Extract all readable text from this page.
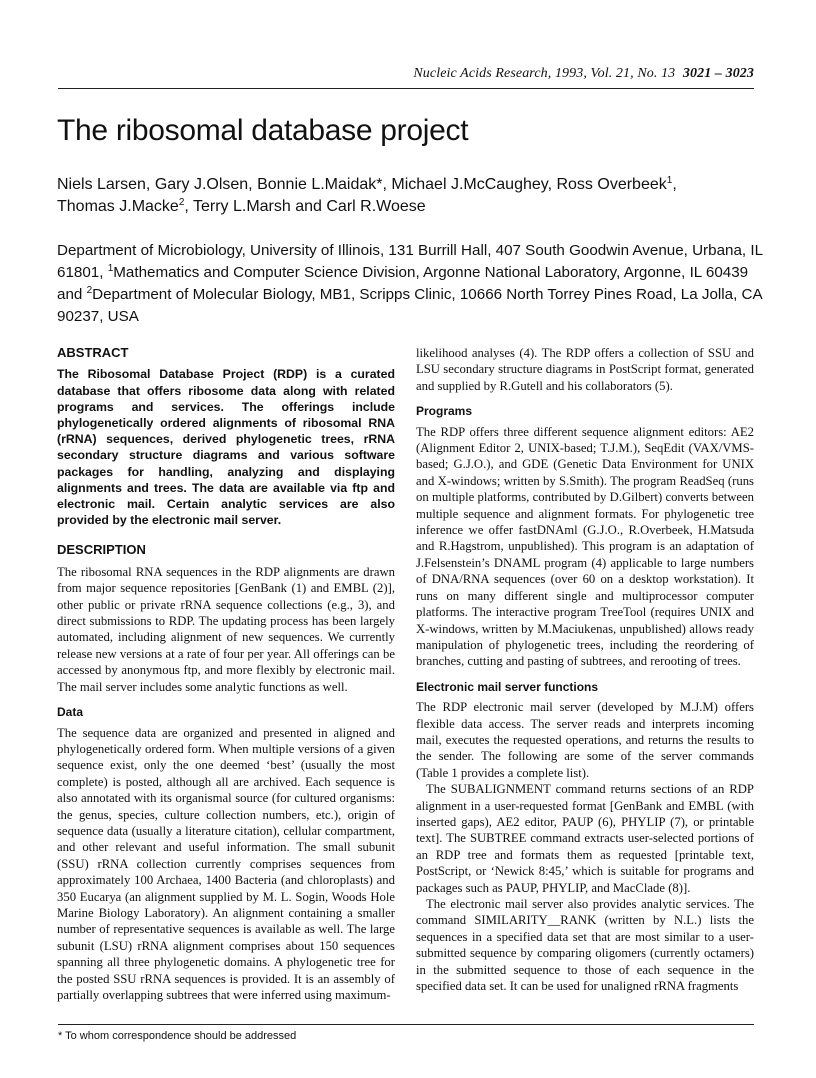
Nucleic Acids Research, 1993, Vol. 21, No. 13 3021 – 3023
The ribosomal database project

Niels Larsen, Gary J.Olsen, Bonnie L.Maidak*, Michael J.McCaughey, Ross Overbeek$^1$,
Thomas J.Macke$^2$, Terry L.Marsh and Carl R.Woese

Department of Microbiology, University of Illinois, 131 Burrill Hall, 407 South Goodwin Avenue, Urbana, IL 61801, $^1$Mathematics and Computer Science Division, Argonne National Laboratory, Argonne, IL 60439 and $^2$Department of Molecular Biology, MB1, Scripps Clinic, 10666 North Torrey Pines Road, La Jolla, CA 90237, USA

ABSTRACT

The Ribosomal Database Project (RDP) is a curated database that offers ribosome data along with related programs and services. The offerings include phylogenetically ordered alignments of ribosomal RNA (rRNA) sequences, derived phylogenetic trees, rRNA secondary structure diagrams and various software packages for handling, analyzing and displaying alignments and trees. The data are available via ftp and electronic mail. Certain analytic services are also provided by the electronic mail server.

DESCRIPTION

The ribosomal RNA sequences in the RDP alignments are drawn from major sequence repositories [GenBank (1) and EMBL (2)], other public or private rRNA sequence collections (e.g., 3), and direct submissions to RDP. The updating process has been largely automated, including alignment of new sequences. We currently release new versions at a rate of four per year. All offerings can be accessed by anonymous ftp, and more flexibly by electronic mail. The mail server includes some analytic functions as well.

Data

The sequence data are organized and presented in aligned and phylogenetically ordered form. When multiple versions of a given sequence exist, only the one deemed ‘best’ (usually the most complete) is posted, although all are archived. Each sequence is also annotated with its organismal source (for cultured organisms: the genus, species, culture collection numbers, etc.), origin of sequence data (usually a literature citation), cellular compartment, and other relevant and useful information. The small subunit (SSU) rRNA collection currently comprises sequences from approximately 100 Archaea, 1400 Bacteria (and chloroplasts) and 350 Eucarya (an alignment supplied by M. L. Sogin, Woods Hole Marine Biology Laboratory). An alignment containing a smaller number of representative sequences is available as well. The large subunit (LSU) rRNA alignment comprises about 150 sequences spanning all three phylogenetic domains. A phylogenetic tree for the posted SSU rRNA sequences is provided. It is an assembly of partially overlapping subtrees that were inferred using maximum-

likelihood analyses (4). The RDP offers a collection of SSU and LSU secondary structure diagrams in PostScript format, generated and supplied by R.Gutell and his collaborators (5).

Programs

The RDP offers three different sequence alignment editors: AE2 (Alignment Editor 2, UNIX-based; T.J.M.), SeqEdit (VAX/VMS-based; G.J.O.), and GDE (Genetic Data Environment for UNIX and X-windows; written by S.Smith). The program ReadSeq (runs on multiple platforms, contributed by D.Gilbert) converts between multiple sequence and alignment formats. For phylogenetic tree inference we offer fastDNAml (G.J.O., R.Overbeek, H.Matsuda and R.Hagstrom, unpublished). This program is an adaptation of J.Felsenstein’s DNAML program (4) applicable to large numbers of DNA/RNA sequences (over 60 on a desktop workstation). It runs on many different single and multiprocessor computer platforms. The interactive program TreeTool (requires UNIX and X-windows, written by M.Maciukenas, unpublished) allows ready manipulation of phylogenetic trees, including the reordering of branches, cutting and pasting of subtrees, and rerooting of trees.

Electronic mail server functions

The RDP electronic mail server (developed by M.J.M) offers flexible data access. The server reads and interprets incoming mail, executes the requested operations, and returns the results to the sender. The following are some of the server commands (Table 1 provides a complete list).

The SUBALIGNMENT command returns sections of an RDP alignment in a user-requested format [GenBank and EMBL (with inserted gaps), AE2 editor, PAUP (6), PHYLIP (7), or printable text]. The SUBTREE command extracts user-selected portions of an RDP tree and formats them as requested [printable text, PostScript, or ‘Newick 8:45,’ which is suitable for programs and packages such as PAUP, PHYLIP, and MacClade (8)].

The electronic mail server also provides analytic services. The command SIMILARITY__RANK (written by N.L.) lists the sequences in a specified data set that are most similar to a user-submitted sequence by comparing oligomers (currently octamers) in the submitted sequence to those of each sequence in the specified data set. It can be used for unaligned rRNA fragments

* To whom correspondence should be addressed
